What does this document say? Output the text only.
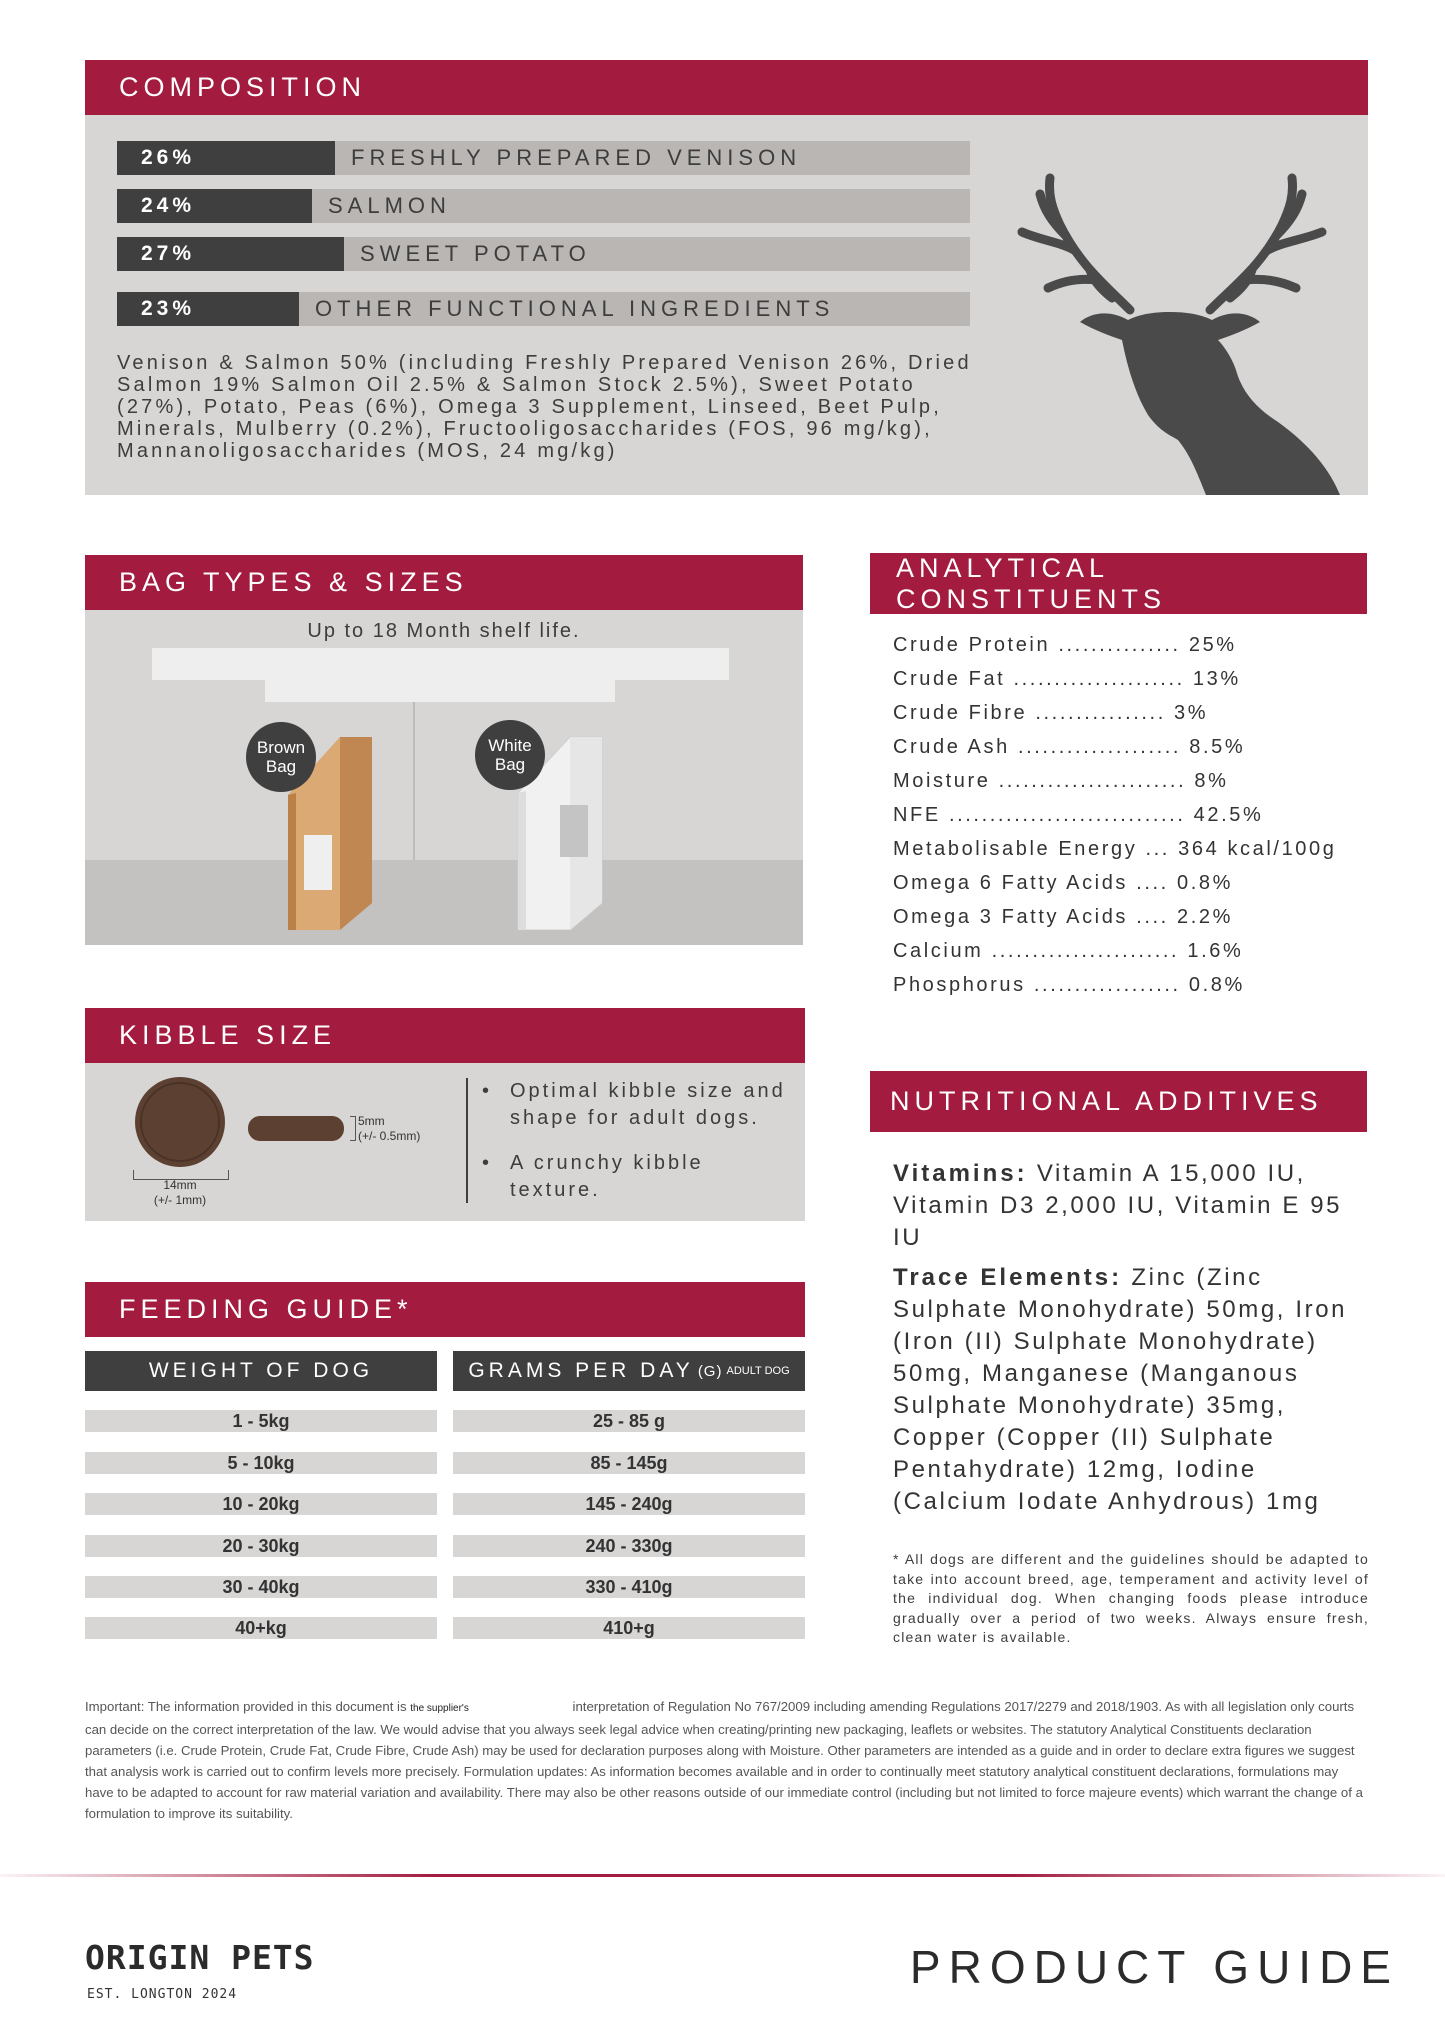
COMPOSITION
26%	FRESHLY PREPARED VENISON
24%	SALMON
27%	SWEET POTATO
23%	OTHER FUNCTIONAL INGREDIENTS
Venison & Salmon 50% (including Freshly Prepared Venison 26%, Dried
Salmon 19% Salmon Oil 2.5% & Salmon Stock 2.5%), Sweet Potato
(27%), Potato, Peas (6%), Omega 3 Supplement, Linseed, Beet Pulp,
Minerals, Mulberry (0.2%), Fructooligosaccharides (FOS, 96 mg/kg),
Mannanoligosaccharides (MOS, 24 mg/kg)
BAG TYPES & SIZES
Up to 18 Month shelf life.
Brown
Bag
White
Bag
ANALYTICAL CONSTITUENTS
Crude Protein ............... 25%
Crude Fat ..................... 13%
Crude Fibre ................ 3%
Crude Ash .................... 8.5%
Moisture ....................... 8%
NFE ............................. 42.5%
Metabolisable Energy ... 364 kcal/100g
Omega 6 Fatty Acids .... 0.8%
Omega 3 Fatty Acids .... 2.2%
Calcium ....................... 1.6%
Phosphorus .................. 0.8%
KIBBLE SIZE
14mm
(+/- 1mm)
5mm
(+/- 0.5mm)
• Optimal kibble size and
shape for adult dogs.
• A crunchy kibble
texture.
FEEDING GUIDE*
WEIGHT OF DOG	GRAMS PER DAY (G) ADULT DOG
1 - 5kg	25 - 85 g
5 - 10kg	85 - 145g
10 - 20kg	145 - 240g
20 - 30kg	240 - 330g
30 - 40kg	330 - 410g
40+kg	410+g
NUTRITIONAL ADDITIVES
Vitamins: Vitamin A 15,000 IU, Vitamin D3 2,000 IU, Vitamin E 95 IU
Trace Elements: Zinc (Zinc Sulphate Monohydrate) 50mg, Iron (Iron (II) Sulphate Monohydrate) 50mg, Manganese (Manganous Sulphate Monohydrate) 35mg, Copper (Copper (II) Sulphate Pentahydrate) 12mg, Iodine (Calcium Iodate Anhydrous) 1mg
* All dogs are different and the guidelines should be adapted to take into account breed, age, temperament and activity level of the individual dog. When changing foods please introduce gradually over a period of two weeks. Always ensure fresh, clean water is available.
Important: The information provided in this document is the supplier's	interpretation of Regulation No 767/2009 including amending Regulations 2017/2279 and 2018/1903. As with all legislation only courts can decide on the correct interpretation of the law. We would advise that you always seek legal advice when creating/printing new packaging, leaflets or websites. The statutory Analytical Constituents declaration parameters (i.e. Crude Protein, Crude Fat, Crude Fibre, Crude Ash) may be used for declaration purposes along with Moisture. Other parameters are intended as a guide and in order to declare extra figures we suggest that analysis work is carried out to confirm levels more precisely. Formulation updates: As information becomes available and in order to continually meet statutory analytical constituent declarations, formulations may have to be adapted to account for raw material variation and availability. There may also be other reasons outside of our immediate control (including but not limited to force majeure events) which warrant the change of a formulation to improve its suitability.
ORIGIN PETS
EST. LONGTON 2024
PRODUCT GUIDE
